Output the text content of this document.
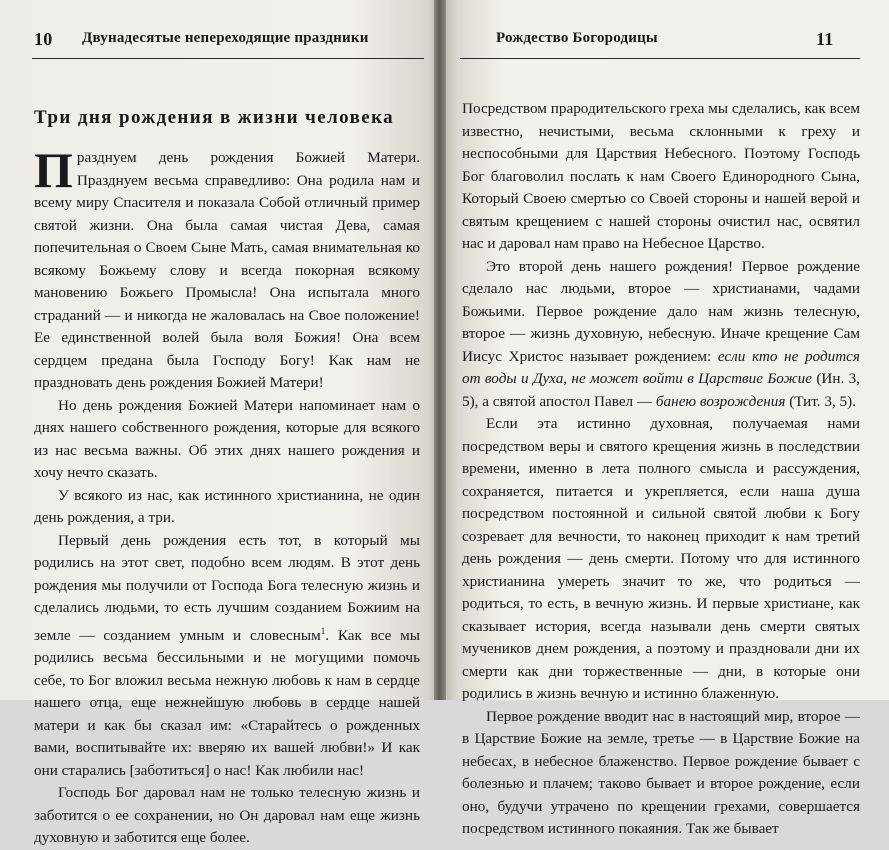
10 Двунадесятые непереходящие праздники
Три дня рождения в жизни человека

Празднуем день рождения Божией Матери. Празднуем весьма справедливо: Она родила нам и всему миру Спасителя и показала Собой отличный пример святой жизни. Она была самая чистая Дева, самая попечительная о Своем Сыне Мать, самая внимательная ко всякому Божьему слову и всегда покорная всякому мановению Божьего Промысла! Она испытала много страданий — и никогда не жаловалась на Свое положение! Ее единственной волей была воля Божия! Она всем сердцем предана была Господу Богу! Как нам не праздновать день рождения Божией Матери!

Но день рождения Божией Матери напоминает нам о днях нашего собственного рождения, которые для всякого из нас весьма важны. Об этих днях нашего рождения и хочу нечто сказать.

У всякого из нас, как истинного христианина, не один день рождения, а три.

Первый день рождения есть тот, в который мы родились на этот свет, подобно всем людям. В этот день рождения мы получили от Господа Бога телесную жизнь и сделались людьми, то есть лучшим созданием Божиим на земле — созданием умным и словесным$^1$. Как все мы родились весьма бессильными и не могущими помочь себе, то Бог вложил весьма нежную любовь к нам в сердце нашего отца, еще нежнейшую любовь в сердце нашей матери и как бы сказал им: «Старайтесь о рожденных вами, воспитывайте их: вверяю их вашей любви!» И как они старались [заботиться] о нас! Как любили нас!

Господь Бог даровал нам не только телесную жизнь и заботится о ее сохранении, но Он даровал нам еще жизнь духовную и заботится еще более.

Рождество Богородицы	11

Посредством прародительского греха мы сделались, как всем известно, нечистыми, весьма склонными к греху и неспособными для Царствия Небесного. Поэтому Господь Бог благоволил послать к нам Своего Единородного Сына, Который Своею смертью со Своей стороны и нашей верой и святым крещением с нашей стороны очистил нас, освятил нас и даровал нам право на Небесное Царство.

Это второй день нашего рождения! Первое рождение сделало нас людьми, второе — христианами, чадами Божьими. Первое рождение дало нам жизнь телесную, второе — жизнь духовную, небесную. Иначе крещение Сам Иисус Христос называет рождением: если кто не родится от воды и Духа, не может войти в Царствие Божие (Ин. 3, 5), а святой апостол Павел — банею возрождения (Тит. 3, 5).

Если эта истинно духовная, получаемая нами посредством веры и святого крещения жизнь в последствии времени, именно в лета полного смысла и рассуждения, сохраняется, питается и укрепляется, если наша душа посредством постоянной и сильной святой любви к Богу созревает для вечности, то наконец приходит к нам третий день рождения — день смерти. Потому что для истинного христианина умереть значит то же, что родиться — родиться, то есть, в вечную жизнь. И первые христиане, как сказывает история, всегда называли день смерти святых мучеников днем рождения, а поэтому и праздновали дни их смерти как дни торжественные — дни, в которые они родились в жизнь вечную и истинно блаженную.

Первое рождение вводит нас в настоящий мир, второе — в Царствие Божие на земле, третье — в Царствие Божие на небесах, в небесное блаженство. Первое рождение бывает с болезнью и плачем; таково бывает и второе рождение, если оно, будучи утрачено по крещении грехами, совершается посредством истинного покаяния. Так же бывает
